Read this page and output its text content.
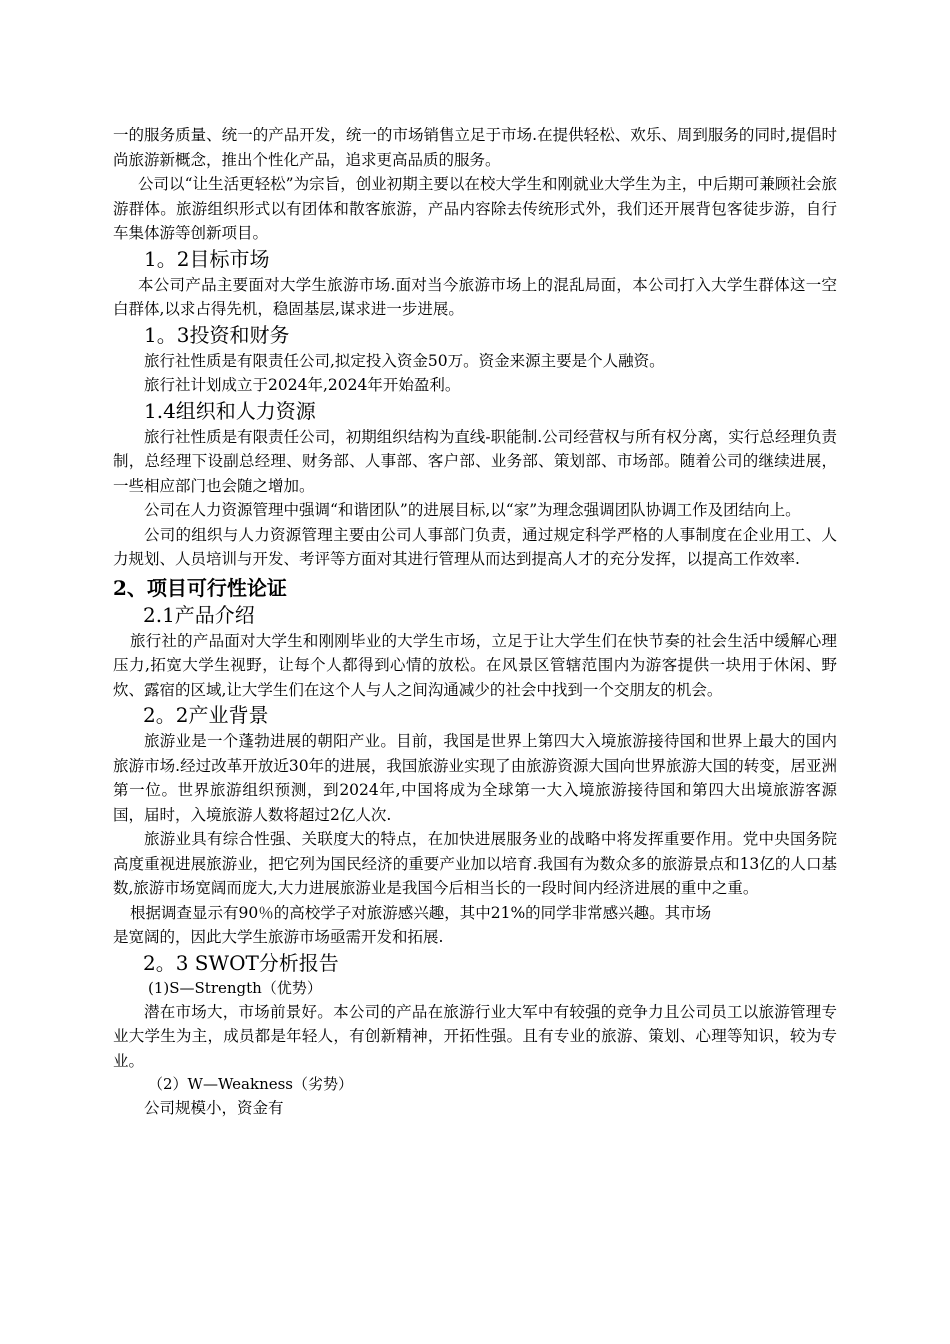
一的服务质量、统一的产品开发，统一的市场销售立足于市场.在提供轻松、欢乐、周到服务的同时,提倡时尚旅游新概念，推出个性化产品，追求更高品质的服务。

公司以“让生活更轻松”为宗旨，创业初期主要以在校大学生和刚就业大学生为主，中后期可兼顾社会旅游群体。旅游组织形式以有团体和散客旅游，产品内容除去传统形式外，我们还开展背包客徒步游，自行车集体游等创新项目。

1。2目标市场

本公司产品主要面对大学生旅游市场.面对当今旅游市场上的混乱局面，本公司打入大学生群体这一空白群体,以求占得先机，稳固基层,谋求进一步进展。

1。3投资和财务

旅行社性质是有限责任公司,拟定投入资金50万。资金来源主要是个人融资。

旅行社计划成立于2024年,2024年开始盈利。

1.4组织和人力资源

旅行社性质是有限责任公司，初期组织结构为直线-职能制.公司经营权与所有权分离，实行总经理负责制，总经理下设副总经理、财务部、人事部、客户部、业务部、策划部、市场部。随着公司的继续进展，一些相应部门也会随之增加。

公司在人力资源管理中强调“和谐团队”的进展目标,以“家”为理念强调团队协调工作及团结向上。

公司的组织与人力资源管理主要由公司人事部门负责，通过规定科学严格的人事制度在企业用工、人力规划、人员培训与开发、考评等方面对其进行管理从而达到提高人才的充分发挥，以提高工作效率.

2、项目可行性论证
2.1产品介绍

旅行社的产品面对大学生和刚刚毕业的大学生市场，立足于让大学生们在快节奏的社会生活中缓解心理压力,拓宽大学生视野，让每个人都得到心情的放松。在风景区管辖范围内为游客提供一块用于休闲、野炊、露宿的区域,让大学生们在这个人与人之间沟通减少的社会中找到一个交朋友的机会。

2。2产业背景

旅游业是一个蓬勃进展的朝阳产业。目前，我国是世界上第四大入境旅游接待国和世界上最大的国内旅游市场.经过改革开放近30年的进展，我国旅游业实现了由旅游资源大国向世界旅游大国的转变，居亚洲第一位。世界旅游组织预测，到2024年,中国将成为全球第一大入境旅游接待国和第四大出境旅游客源国，届时，入境旅游人数将超过2亿人次.

旅游业具有综合性强、关联度大的特点，在加快进展服务业的战略中将发挥重要作用。党中央国务院高度重视进展旅游业，把它列为国民经济的重要产业加以培育.我国有为数众多的旅游景点和13亿的人口基数,旅游市场宽阔而庞大,大力进展旅游业是我国今后相当长的一段时间内经济进展的重中之重。

根据调查显示有90％的高校学子对旅游感兴趣，其中21%的同学非常感兴趣。其市场

是宽阔的，因此大学生旅游市场亟需开发和拓展.

2。3 SWOT分析报告

(1)S—Strength（优势）

潜在市场大，市场前景好。本公司的产品在旅游行业大军中有较强的竞争力且公司员工以旅游管理专业大学生为主，成员都是年轻人，有创新精神，开拓性强。且有专业的旅游、策划、心理等知识，较为专业。

（2）W—Weakness（劣势）

公司规模小，资金有
